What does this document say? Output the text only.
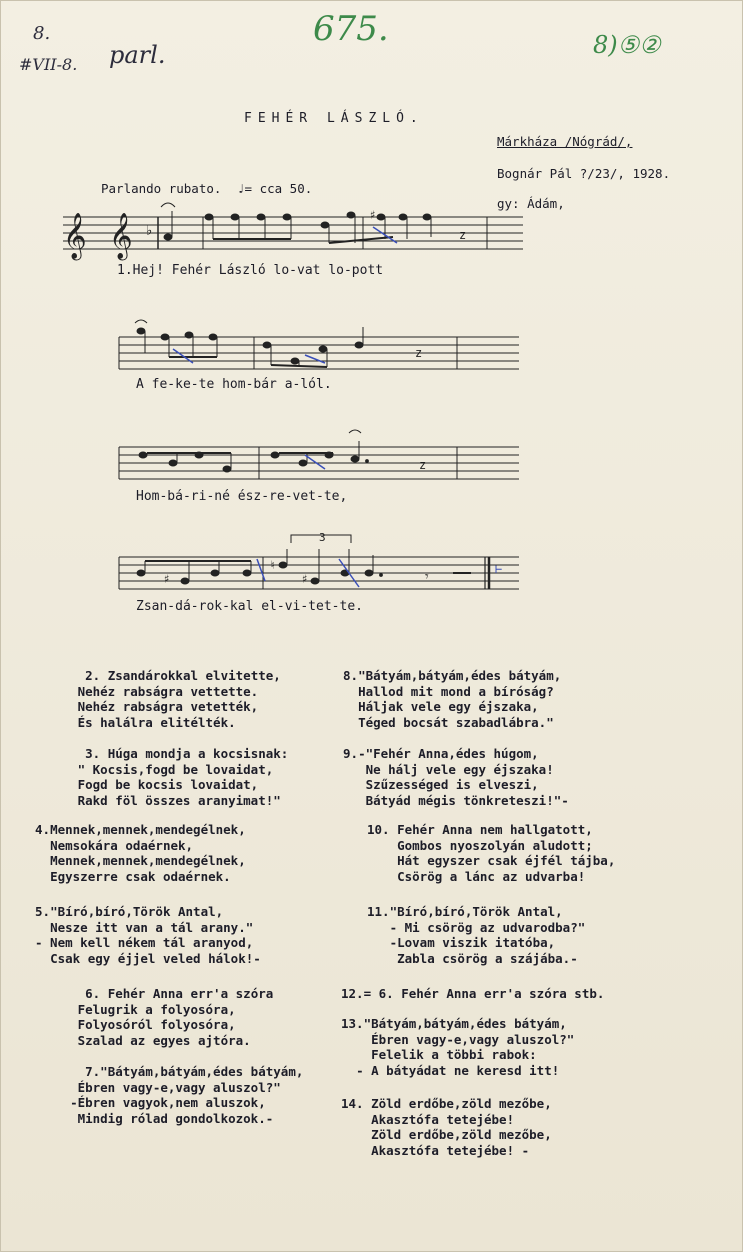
8.
#VII-8. parl.
675.	8)⑤②
FEHÉR LÁSZLÓ.
Márkháza /Nógrád/,
Bognár Pál ?/23/, 1928.
gy: Ádám,
Parlando rubato. ♩= cca 50.
𝄞 𝄞 ♭
♯
z
1.Hej! Fehér László lo-vat lo-pott
z
A fe-ke-te hom-bár a-lól.
z
Hom-bá-ri-né ész-re-vet-te,
3
♯
♮
♯	𝄾	⊢
Zsan-dá-rok-kal el-vi-tet-te.

2. Zsandárokkal elvitette,
Nehéz rabságra vettette.
Nehéz rabságra vetették,
És halálra elitélték.

3. Húga mondja a kocsisnak:
" Kocsis,fogd be lovaidat,
Fogd be kocsis lovaidat,
Rakd föl összes aranyimat!"

4.Mennek,mennek,mendegélnek,
Nemsokára odaérnek,
Mennek,mennek,mendegélnek,
Egyszerre csak odaérnek.

5."Bíró,bíró,Török Antal,
Nesze itt van a tál arany."
- Nem kell nékem tál aranyod,
Csak egy éjjel veled hálok!-

6. Fehér Anna err'a szóra
Felugrik a folyosóra,
Folyosóról folyosóra,
Szalad az egyes ajtóra.

7."Bátyám,bátyám,édes bátyám,
Ébren vagy-e,vagy aluszol?"
-Ébren vagyok,nem aluszok,
Mindig rólad gondolkozok.-

8."Bátyám,bátyám,édes bátyám,
Hallod mit mond a bíróság?
Háljak vele egy éjszaka,
Téged bocsát szabadlábra."

9.-"Fehér Anna,édes húgom,
Ne hálj vele egy éjszaka!
Szűzességed is elveszi,
Bátyád mégis tönkreteszi!"-

10. Fehér Anna nem hallgatott,
Gombos nyoszolyán aludott;
Hát egyszer csak éjfél tájba,
Csörög a lánc az udvarba!

11."Bíró,bíró,Török Antal,
- Mi csörög az udvarodba?"
-Lovam viszik itatóba,
Zabla csörög a szájába.-

12.= 6. Fehér Anna err'a szóra stb.

13."Bátyám,bátyám,édes bátyám,
Ébren vagy-e,vagy aluszol?"
Felelik a többi rabok:
- A bátyádat ne keresd itt!

14. Zöld erdőbe,zöld mezőbe,
Akasztófa tetejébe!
Zöld erdőbe,zöld mezőbe,
Akasztófa tetejébe! -
